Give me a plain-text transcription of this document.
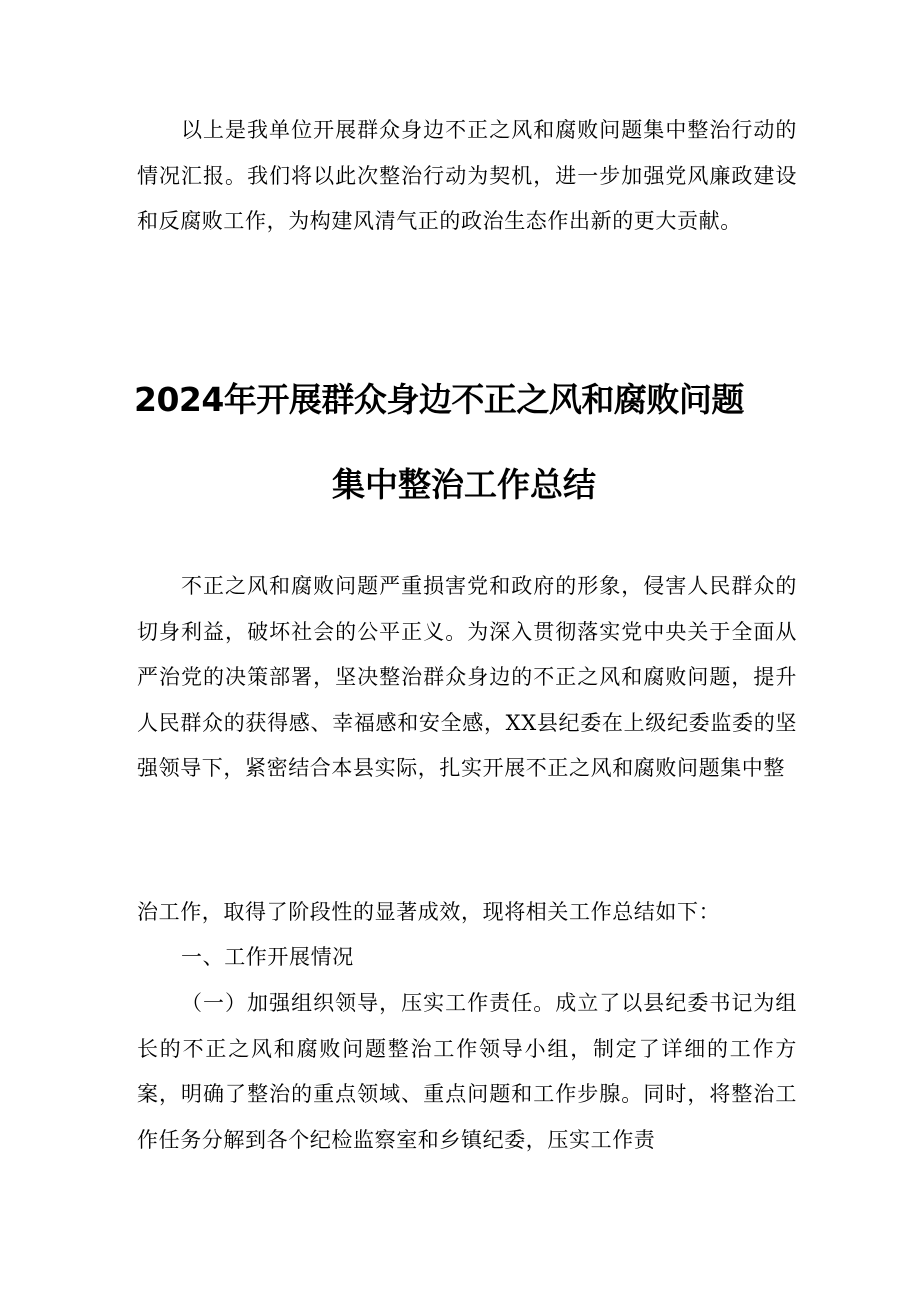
以上是我单位开展群众身边不正之风和腐败问题集中整治行动的情况汇报。我们将以此次整治行动为契机，进一步加强党风廉政建设和反腐败工作，为构建风清气正的政治生态作出新的更大贡献。

2024年开展群众身边不正之风和腐败问题
集中整治工作总结

不正之风和腐败问题严重损害党和政府的形象，侵害人民群众的切身利益，破坏社会的公平正义。为深入贯彻落实党中央关于全面从严治党的决策部署，坚决整治群众身边的不正之风和腐败问题，提升人民群众的获得感、幸福感和安全感，XX县纪委在上级纪委监委的坚强领导下，紧密结合本县实际，扎实开展不正之风和腐败问题集中整

治工作，取得了阶段性的显著成效，现将相关工作总结如下：

一、工作开展情况

（一）加强组织领导，压实工作责任。成立了以县纪委书记为组长的不正之风和腐败问题整治工作领导小组，制定了详细的工作方案，明确了整治的重点领域、重点问题和工作步腺。同时，将整治工作任务分解到各个纪检监察室和乡镇纪委，压实工作责
